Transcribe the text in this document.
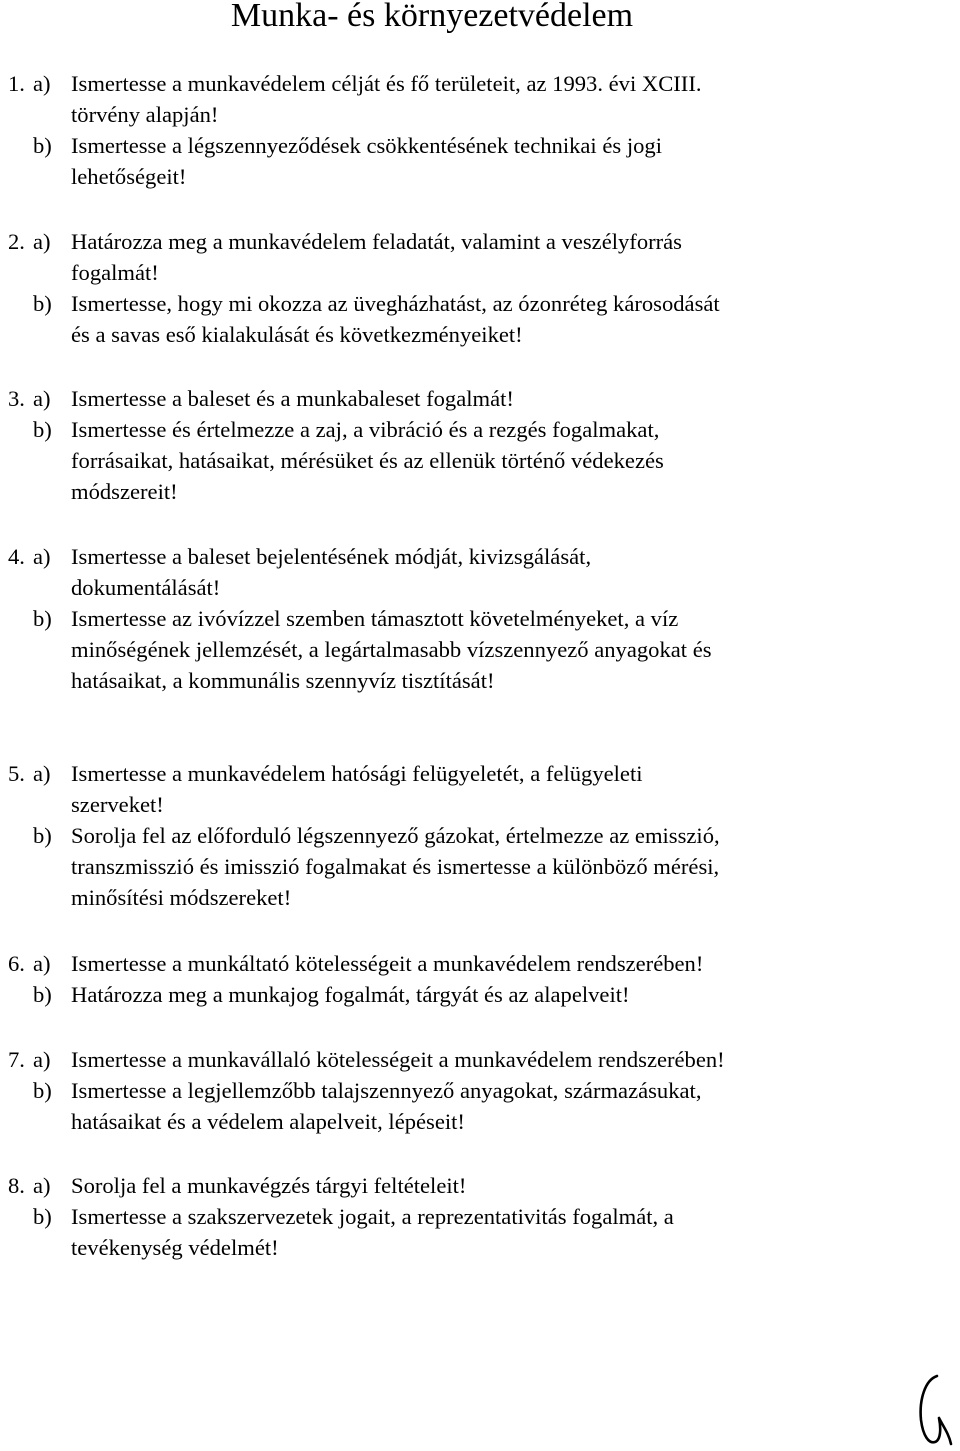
Munka- és környezetvédelem
1. a) Ismertesse a munkavédelem célját és fő területeit, az 1993. évi XCIII.
törvény alapján!
b) Ismertesse a légszennyeződések csökkentésének technikai és jogi
lehetőségeit!
2. a) Határozza meg a munkavédelem feladatát, valamint a veszélyforrás
fogalmát!
b) Ismertesse, hogy mi okozza az üvegházhatást, az ózonréteg károsodását
és a savas eső kialakulását és következményeiket!
3. a) Ismertesse a baleset és a munkabaleset fogalmát!
b) Ismertesse és értelmezze a zaj, a vibráció és a rezgés fogalmakat,
forrásaikat, hatásaikat, mérésüket és az ellenük történő védekezés
módszereit!
4. a) Ismertesse a baleset bejelentésének módját, kivizsgálását,
dokumentálását!
b) Ismertesse az ivóvízzel szemben támasztott követelményeket, a víz
minőségének jellemzését, a legártalmasabb vízszennyező anyagokat és
hatásaikat, a kommunális szennyvíz tisztítását!
5. a) Ismertesse a munkavédelem hatósági felügyeletét, a felügyeleti
szerveket!
b) Sorolja fel az előforduló légszennyező gázokat, értelmezze az emisszió,
transzmisszió és imisszió fogalmakat és ismertesse a különböző mérési,
minősítési módszereket!
6. a) Ismertesse a munkáltató kötelességeit a munkavédelem rendszerében!
b) Határozza meg a munkajog fogalmát, tárgyát és az alapelveit!
7. a) Ismertesse a munkavállaló kötelességeit a munkavédelem rendszerében!
b) Ismertesse a legjellemzőbb talajszennyező anyagokat, származásukat,
hatásaikat és a védelem alapelveit, lépéseit!
8. a) Sorolja fel a munkavégzés tárgyi feltételeit!
b) Ismertesse a szakszervezetek jogait, a reprezentativitás fogalmát, a
tevékenység védelmét!
